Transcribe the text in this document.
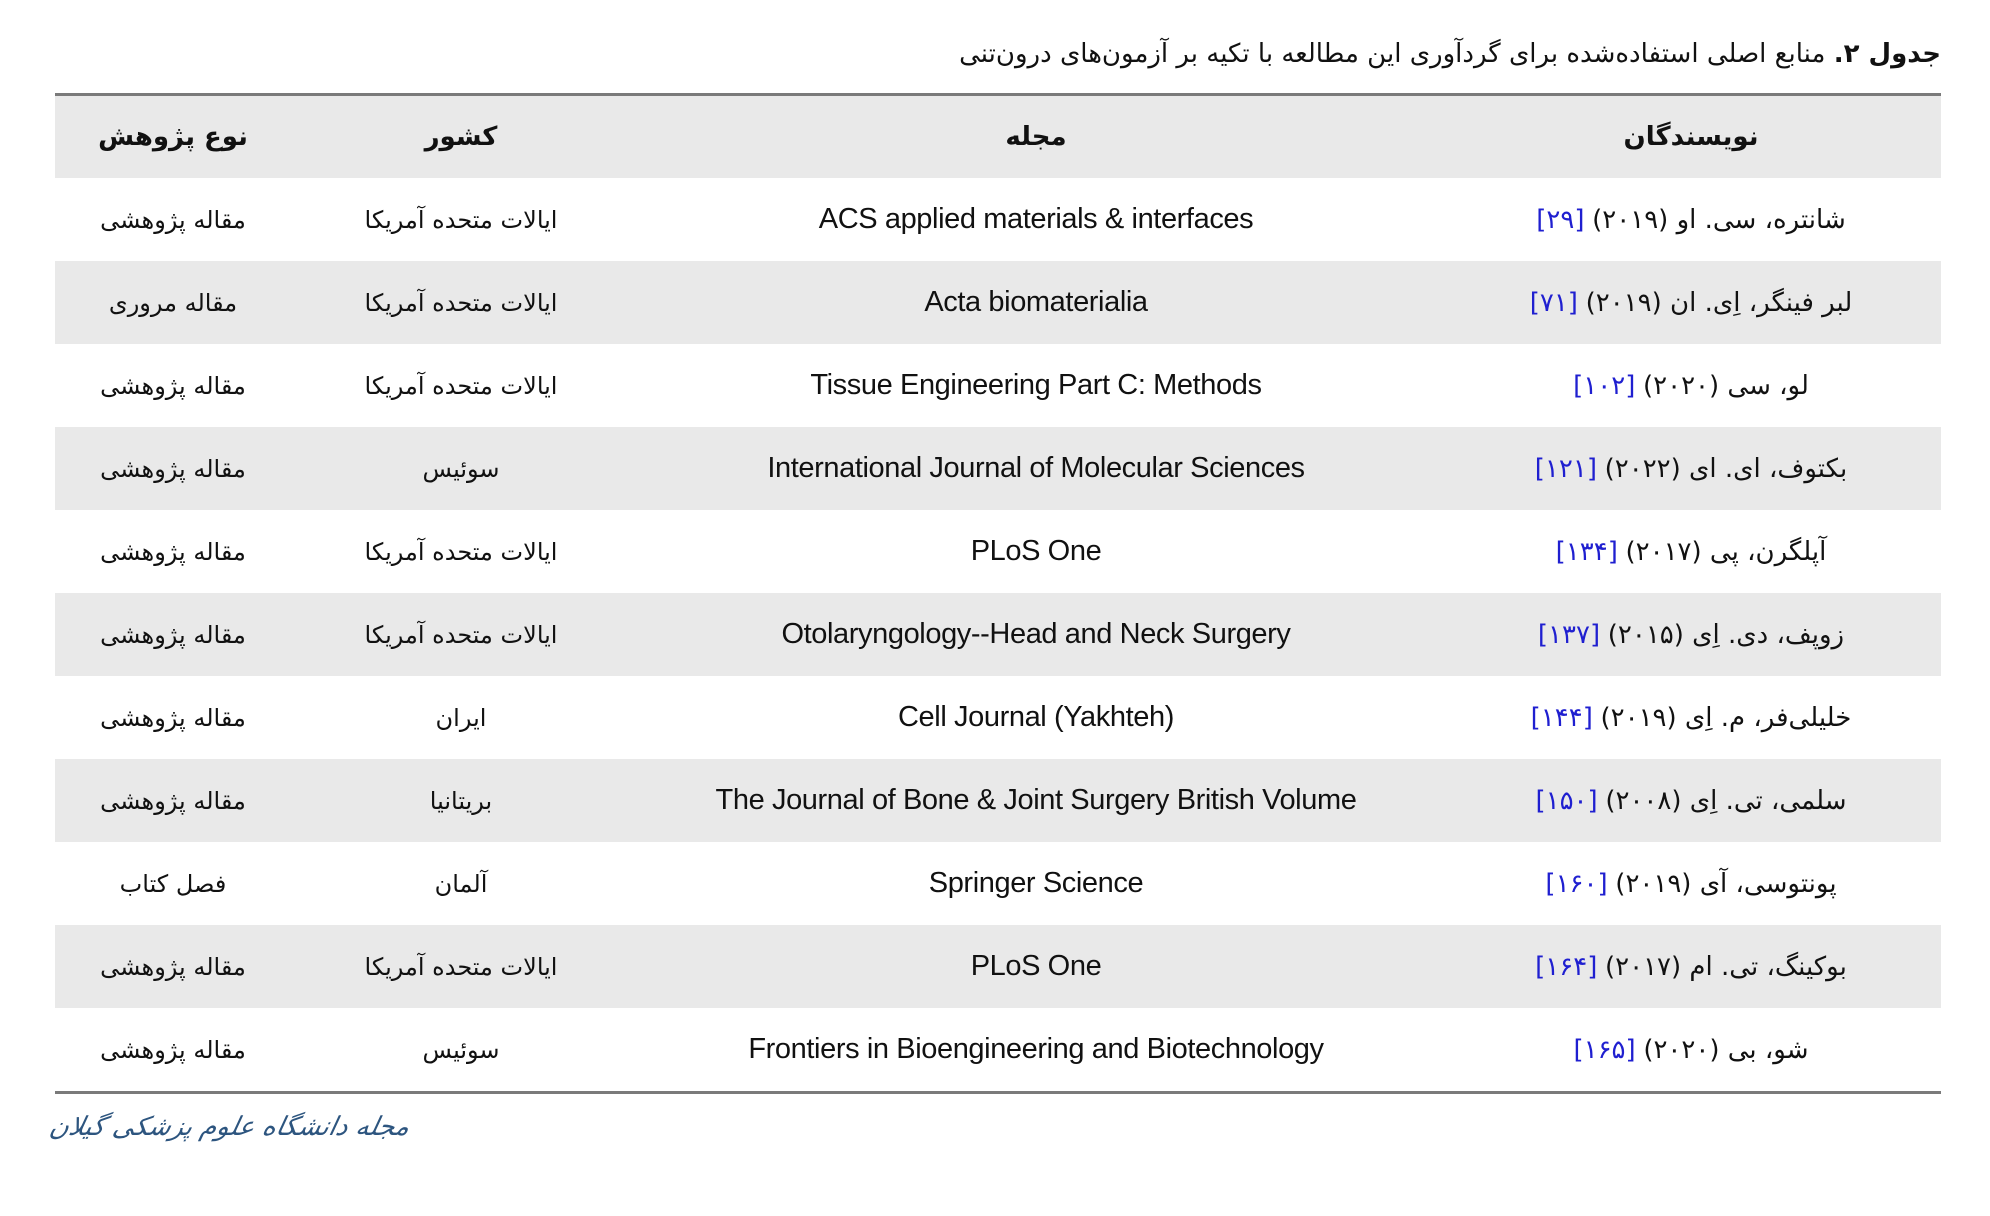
جدول ۲. منابع اصلی استفاده‌شده برای گردآوری این مطالعه با تکیه بر آزمون‌های درون‌تنی
نویسندگان	مجله	کشور	نوع پژوهش
شانتره، سی. او (۲۰۱۹) [۲۹]	ACS applied materials & interfaces	ایالات متحده آمریکا	مقاله پژوهشی
لبر فینگر، اِی. ان (۲۰۱۹) [۷۱]	Acta biomaterialia	ایالات متحده آمریکا	مقاله مروری
لو، سی (۲۰۲۰) [۱۰۲]	Tissue Engineering Part C: Methods	ایالات متحده آمریکا	مقاله پژوهشی
بکتوف، ای. ای (۲۰۲۲) [۱۲۱]	International Journal of Molecular Sciences	سوئیس	مقاله پژوهشی
آپلگرن، پی (۲۰۱۷) [۱۳۴]	PLoS One	ایالات متحده آمریکا	مقاله پژوهشی
زوپف، دی. اِی (۲۰۱۵) [۱۳۷]	Otolaryngology--Head and Neck Surgery	ایالات متحده آمریکا	مقاله پژوهشی
خلیلی‌فر، م. اِی (۲۰۱۹) [۱۴۴]	Cell Journal (Yakhteh)	ایران	مقاله پژوهشی
سلمی، تی. اِی (۲۰۰۸) [۱۵۰]	The Journal of Bone & Joint Surgery British Volume	بریتانیا	مقاله پژوهشی
پونتوسی، آی (۲۰۱۹) [۱۶۰]	Springer Science	آلمان	فصل کتاب
بوکینگ، تی. ام (۲۰۱۷) [۱۶۴]	PLoS One	ایالات متحده آمریکا	مقاله پژوهشی
شو، بی (۲۰۲۰) [۱۶۵]	Frontiers in Bioengineering and Biotechnology	سوئیس	مقاله پژوهشی
مجله دانشگاه علوم پزشکی گیلان
